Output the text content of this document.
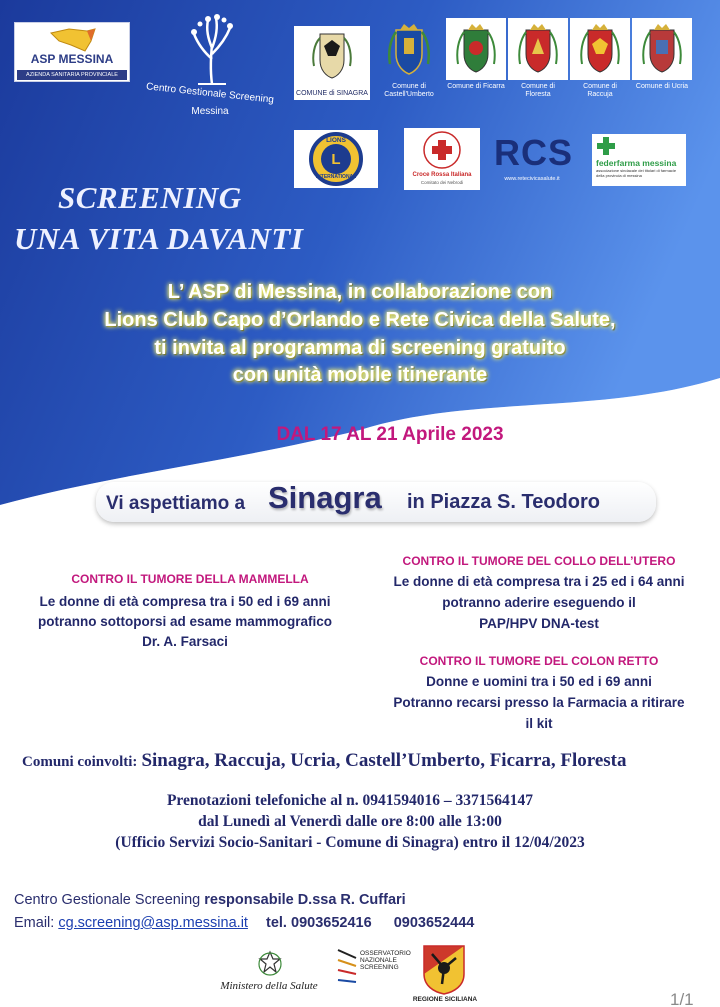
ASP MESSINA
AZIENDA SANITARIA PROVINCIALE
Centro Gestionale Screening
Messina
COMUNE di SINAGRA
Comune di Castell'Umberto
Comune di Ficarra	Comune di Floresta
Comune di Raccuja
Comune di Ucria
L
LIONS
INTERNATIONAL	Croce Rossa Italiana
Comitato dei Nebrodi
RCS
www.retecivicasalute.it
federfarma messina
associazione sindacale dei titolari di farmacie della provincia di messina
SCREENING
UNA VITA DAVANTI
L’ ASP di Messina, in collaborazione con
Lions Club Capo d’Orlando e Rete Civica della Salute,
ti invita al programma di screening gratuito
con unità mobile itinerante
DAL 17 AL 21 Aprile 2023
Vi aspettiamo a Sinagra in Piazza S. Teodoro
CONTRO IL TUMORE DELLA MAMMELLA
Le donne di età compresa tra i 50 ed i 69 anni
potranno sottoporsi ad esame mammografico
Dr. A. Farsaci
CONTRO IL TUMORE DEL COLLO DELL’UTERO
Le donne di età compresa tra i 25 ed i 64 anni
potranno aderire eseguendo il
PAP/HPV DNA-test
CONTRO IL TUMORE DEL COLON RETTO
Donne e uomini tra i 50 ed i 69 anni
Potranno recarsi presso la Farmacia a ritirare
il kit
Comuni coinvolti: Sinagra, Raccuja, Ucria, Castell’Umberto, Ficarra, Floresta
Prenotazioni telefoniche al n. 0941594016 – 3371564147
dal Lunedì al Venerdì dalle ore 8:00 alle 13:00
(Ufficio Servizi Socio-Sanitari - Comune di Sinagra) entro il 12/04/2023
Centro Gestionale Screening responsabile D.ssa R. Cuffari
Email: cg.screening@asp.messina.it tel. 0903652416 0903652444
Ministero della Salute
OSSERVATORIO
NAZIONALE
SCREENING
REGIONE SICILIANA	1/1
